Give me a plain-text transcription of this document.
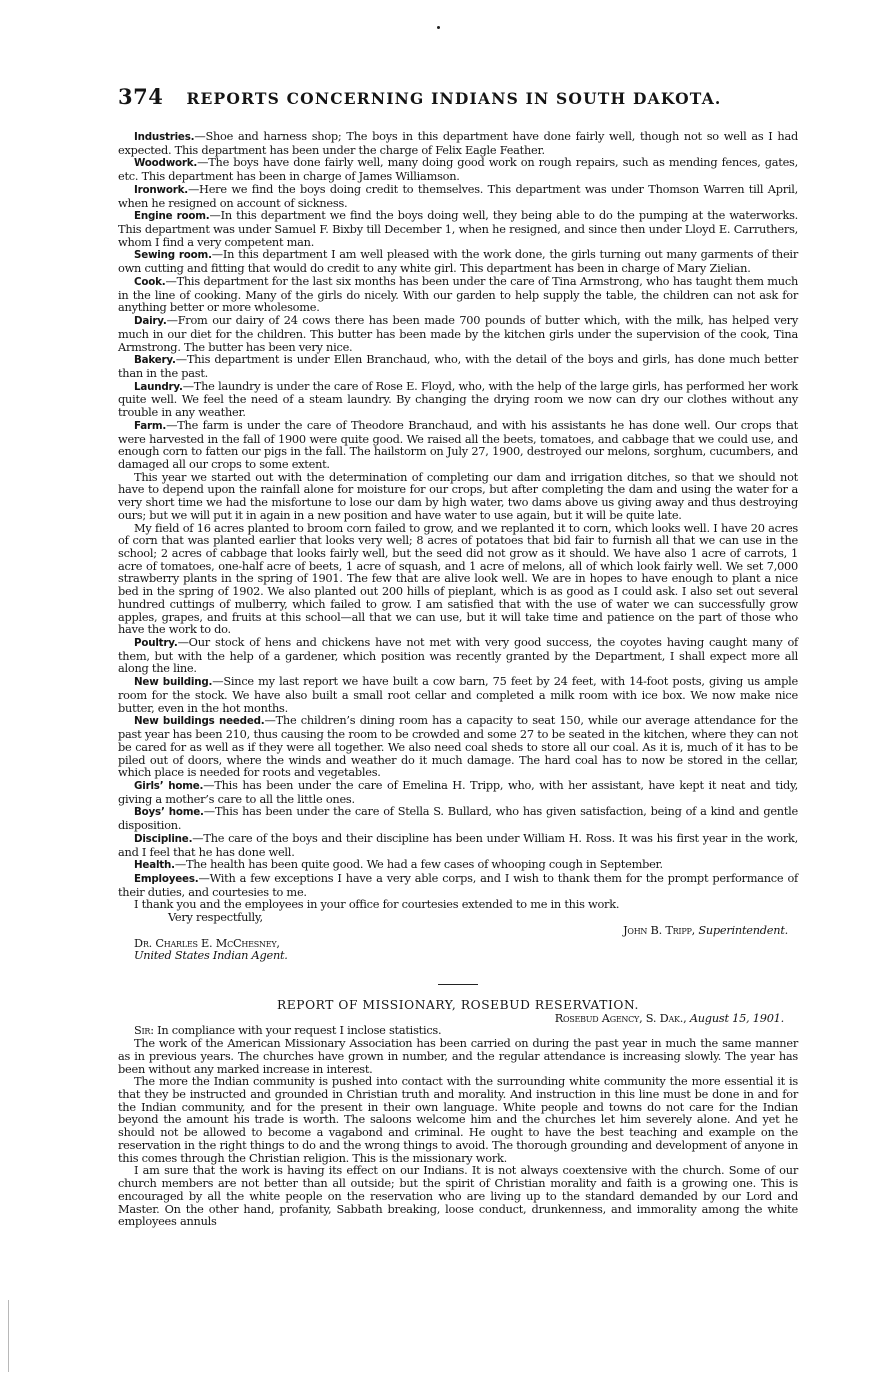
374 REPORTS CONCERNING INDIANS IN SOUTH DAKOTA.

Industries.—Shoe and harness shop; The boys in this department have done fairly well, though not so well as I had expected. This department has been under the charge of Felix Eagle Feather.

Woodwork.—The boys have done fairly well, many doing good work on rough repairs, such as mending fences, gates, etc. This department has been in charge of James Williamson.

Ironwork.—Here we find the boys doing credit to themselves. This department was under Thomson Warren till April, when he resigned on account of sickness.

Engine room.—In this department we find the boys doing well, they being able to do the pumping at the waterworks. This department was under Samuel F. Bixby till December 1, when he resigned, and since then under Lloyd E. Carruthers, whom I find a very competent man.

Sewing room.—In this department I am well pleased with the work done, the girls turning out many garments of their own cutting and fitting that would do credit to any white girl. This department has been in charge of Mary Zielian.

Cook.—This department for the last six months has been under the care of Tina Armstrong, who has taught them much in the line of cooking. Many of the girls do nicely. With our garden to help supply the table, the children can not ask for anything better or more wholesome.

Dairy.—From our dairy of 24 cows there has been made 700 pounds of butter which, with the milk, has helped very much in our diet for the children. This butter has been made by the kitchen girls under the supervision of the cook, Tina Armstrong. The butter has been very nice.

Bakery.—This department is under Ellen Branchaud, who, with the detail of the boys and girls, has done much better than in the past.

Laundry.—The laundry is under the care of Rose E. Floyd, who, with the help of the large girls, has performed her work quite well. We feel the need of a steam laundry. By changing the drying room we now can dry our clothes without any trouble in any weather.

Farm.—The farm is under the care of Theodore Branchaud, and with his assistants he has done well. Our crops that were harvested in the fall of 1900 were quite good. We raised all the beets, tomatoes, and cabbage that we could use, and enough corn to fatten our pigs in the fall. The hailstorm on July 27, 1900, destroyed our melons, sorghum, cucumbers, and damaged all our crops to some extent.

This year we started out with the determination of completing our dam and irrigation ditches, so that we should not have to depend upon the rainfall alone for moisture for our crops, but after completing the dam and using the water for a very short time we had the misfortune to lose our dam by high water, two dams above us giving away and thus destroying ours; but we will put it in again in a new position and have water to use again, but it will be quite late.

My field of 16 acres planted to broom corn failed to grow, and we replanted it to corn, which looks well. I have 20 acres of corn that was planted earlier that looks very well; 8 acres of potatoes that bid fair to furnish all that we can use in the school; 2 acres of cabbage that looks fairly well, but the seed did not grow as it should. We have also 1 acre of carrots, 1 acre of tomatoes, one-half acre of beets, 1 acre of squash, and 1 acre of melons, all of which look fairly well. We set 7,000 strawberry plants in the spring of 1901. The few that are alive look well. We are in hopes to have enough to plant a nice bed in the spring of 1902. We also planted out 200 hills of pieplant, which is as good as I could ask. I also set out several hundred cuttings of mulberry, which failed to grow. I am satisfied that with the use of water we can successfully grow apples, grapes, and fruits at this school—all that we can use, but it will take time and patience on the part of those who have the work to do.

Poultry.—Our stock of hens and chickens have not met with very good success, the coyotes having caught many of them, but with the help of a gardener, which position was recently granted by the Department, I shall expect more all along the line.

New building.—Since my last report we have built a cow barn, 75 feet by 24 feet, with 14-foot posts, giving us ample room for the stock. We have also built a small root cellar and completed a milk room with ice box. We now make nice butter, even in the hot months.

New buildings needed.—The children’s dining room has a capacity to seat 150, while our average attendance for the past year has been 210, thus causing the room to be crowded and some 27 to be seated in the kitchen, where they can not be cared for as well as if they were all together. We also need coal sheds to store all our coal. As it is, much of it has to be piled out of doors, where the winds and weather do it much damage. The hard coal has to now be stored in the cellar, which place is needed for roots and vegetables.

Girls’ home.—This has been under the care of Emelina H. Tripp, who, with her assistant, have kept it neat and tidy, giving a mother’s care to all the little ones.

Boys’ home.—This has been under the care of Stella S. Bullard, who has given satisfaction, being of a kind and gentle disposition.

Discipline.—The care of the boys and their discipline has been under William H. Ross. It was his first year in the work, and I feel that he has done well.

Health.—The health has been quite good. We had a few cases of whooping cough in September.

Employees.—With a few exceptions I have a very able corps, and I wish to thank them for the prompt performance of their duties, and courtesies to me.

I thank you and the employees in your office for courtesies extended to me in this work.

Very respectfully,

John B. Tripp, Superintendent.

Dr. Charles E. McChesney,

United States Indian Agent.

REPORT OF MISSIONARY, ROSEBUD RESERVATION.

Rosebud Agency, S. Dak., August 15, 1901.

Sir: In compliance with your request I inclose statistics.

The work of the American Missionary Association has been carried on during the past year in much the same manner as in previous years. The churches have grown in number, and the regular attendance is increasing slowly. The year has been without any marked increase in interest.

The more the Indian community is pushed into contact with the surrounding white community the more essential it is that they be instructed and grounded in Christian truth and morality. And instruction in this line must be done in and for the Indian community, and for the present in their own language. White people and towns do not care for the Indian beyond the amount his trade is worth. The saloons welcome him and the churches let him severely alone. And yet he should not be allowed to become a vagabond and criminal. He ought to have the best teaching and example on the reservation in the right things to do and the wrong things to avoid. The thorough grounding and development of anyone in this comes through the Christian religion. This is the missionary work.

I am sure that the work is having its effect on our Indians. It is not always coextensive with the church. Some of our church members are not better than all outside; but the spirit of Christian morality and faith is a growing one. This is encouraged by all the white people on the reservation who are living up to the standard demanded by our Lord and Master. On the other hand, profanity, Sabbath breaking, loose conduct, drunkenness, and immorality among the white employees annuls
